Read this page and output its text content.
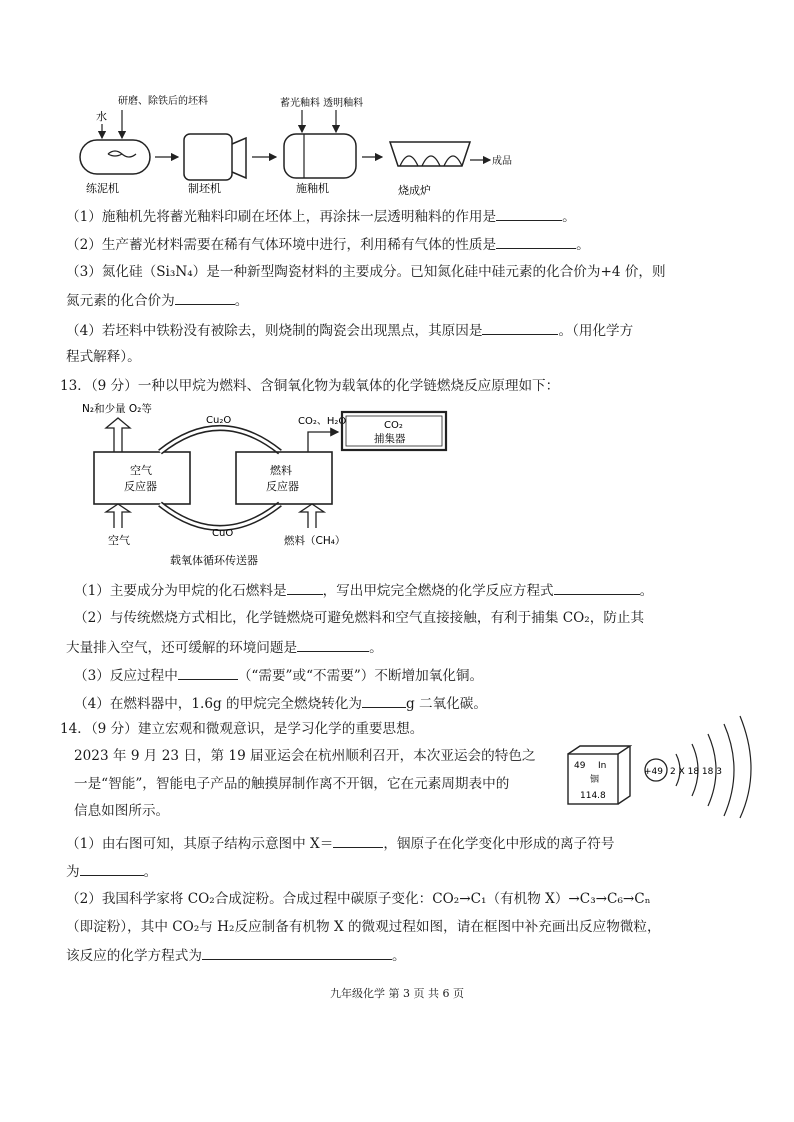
水
研磨、除铁后的坯料
练泥机	制坯机
蓄光釉料 透明釉料
施釉机
成品
烧成炉
（1）施釉机先将蓄光釉料印刷在坯体上，再涂抹一层透明釉料的作用是	。
（2）生产蓄光材料需要在稀有气体环境中进行，利用稀有气体的性质是	。
（3）氮化硅（Si₃N₄）是一种新型陶瓷材料的主要成分。已知氮化硅中硅元素的化合价为+4 价，则
氮元素的化合价为	。
（4）若坯料中铁粉没有被除去，则烧制的陶瓷会出现黑点，其原因是	。（用化学方
程式解释）。
13．（9 分）一种以甲烷为燃料、含铜氧化物为载氧体的化学链燃烧反应原理如下：
N₂和少量 O₂等
空气
反应器
空气
Cu₂O
CuO
燃料
反应器
燃料（CH₄）
CO₂、H₂O	CO₂
捕集器
载氧体循环传送器
（1）主要成分为甲烷的化石燃料是	，写出甲烷完全燃烧的化学反应方程式	。
（2）与传统燃烧方式相比，化学链燃烧可避免燃料和空气直接接触，有利于捕集 CO₂，防止其
大量排入空气，还可缓解的环境问题是	。
（3）反应过程中	（“需要”或“不需要”）不断增加氧化铜。
（4）在燃料器中，1.6g 的甲烷完全燃烧转化为	g 二氧化碳。
14．（9 分）建立宏观和微观意识，是学习化学的重要思想。
2023 年 9 月 23 日，第 19 届亚运会在杭州顺利召开，本次亚运会的特色之
一是“智能”，智能电子产品的触摸屏制作离不开铟，它在元素周期表中的
信息如图所示。
49 In
铟
114.8
+49 2 X 18 18 3
（1）由右图可知，其原子结构示意图中 X＝	，铟原子在化学变化中形成的离子符号
为	。
（2）我国科学家将 CO₂合成淀粉。合成过程中碳原子变化：CO₂→C₁（有机物 X）→C₃→C₆→Cₙ
（即淀粉），其中 CO₂与 H₂反应制备有机物 X 的微观过程如图，请在框图中补充画出反应物微粒，
该反应的化学方程式为	。
九年级化学 第 3 页 共 6 页
